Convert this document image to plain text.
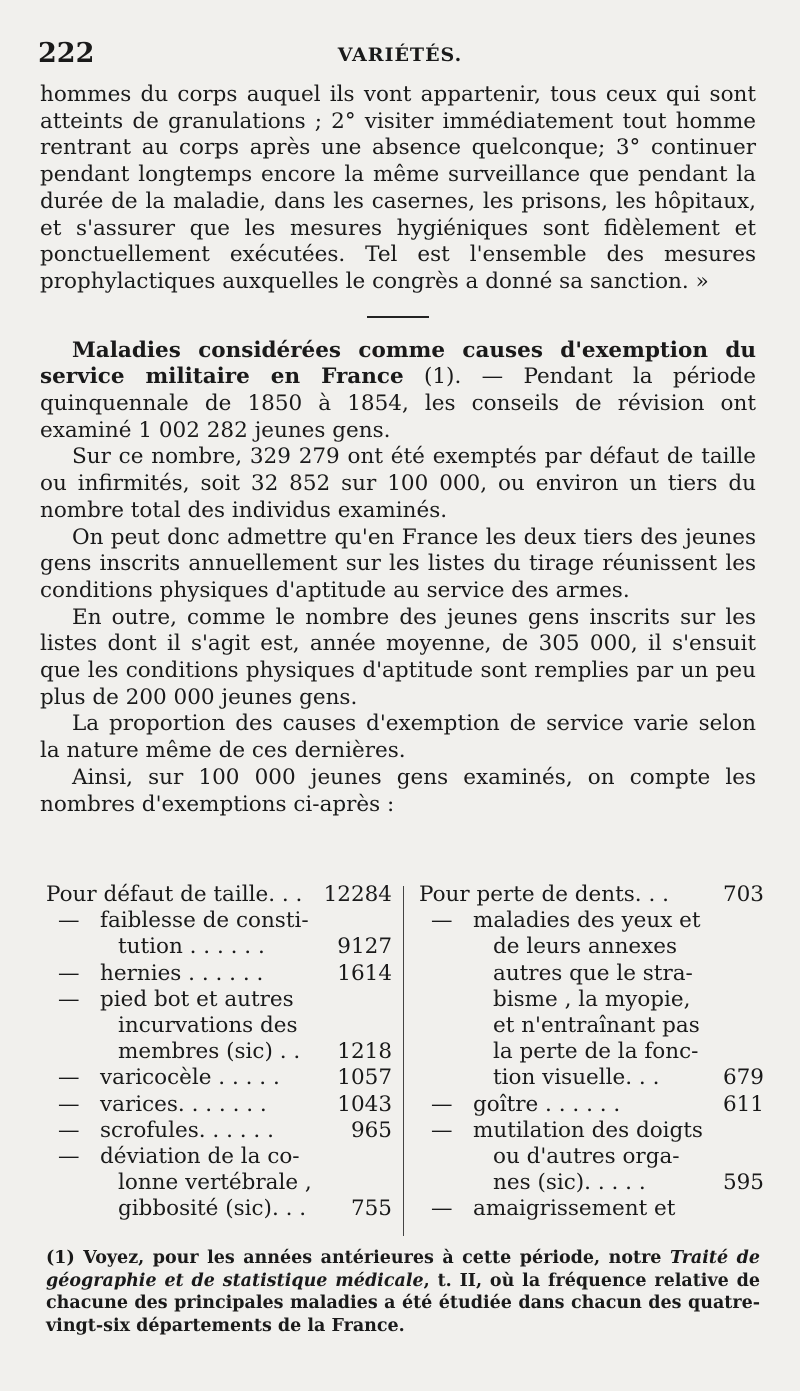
222	VARIÉTÉS.

hommes du corps auquel ils vont appartenir, tous ceux qui sont atteints de granulations ; 2° visiter immédiatement tout homme rentrant au corps après une absence quelconque; 3° continuer pendant longtemps encore la même surveillance que pendant la durée de la maladie, dans les casernes, les prisons, les hôpitaux, et s'assurer que les mesures hygiéniques sont fidèlement et ponctuellement exécutées. Tel est l'ensemble des mesures prophylactiques auxquelles le congrès a donné sa sanction. »

Maladies considérées comme causes d'exemption du service militaire en France (1). — Pendant la période quinquennale de 1850 à 1854, les conseils de révision ont examiné 1 002 282 jeunes gens.

Sur ce nombre, 329 279 ont été exemptés par défaut de taille ou infirmités, soit 32 852 sur 100 000, ou environ un tiers du nombre total des individus examinés.

On peut donc admettre qu'en France les deux tiers des jeunes gens inscrits annuellement sur les listes du tirage réunissent les conditions physiques d'aptitude au service des armes.

En outre, comme le nombre des jeunes gens inscrits sur les listes dont il s'agit est, année moyenne, de 305 000, il s'ensuit que les conditions physiques d'aptitude sont remplies par un peu plus de 200 000 jeunes gens.

La proportion des causes d'exemption de service varie selon la nature même de ces dernières.

Ainsi, sur 100 000 jeunes gens examinés, on compte les nombres d'exemptions ci-après :

Pour défaut de taille. . . 12284
— faiblesse de consti-
tution . . . . . .	9127
— hernies . . . . . .	1614
— pied bot et autres
incurvations des
membres (sic) . .	1218
— varicocèle . . . . .	1057
— varices. . . . . . .	1043
— scrofules. . . . . .	965
— déviation de la co-
lonne vertébrale ,
gibbosité (sic). . .	755
Pour perte de dents. . .	703
— maladies des yeux et
de leurs annexes
autres que le stra-
bisme , la myopie,
et n'entraînant pas
la perte de la fonc-
tion visuelle. . .	679
— goître . . . . . .	611
— mutilation des doigts
ou d'autres orga-
nes (sic). . . . .	595
— amaigrissement et
(1) Voyez, pour les années antérieures à cette période, notre Traité de géographie et de statistique médicale, t. II, où la fréquence relative de chacune des principales maladies a été étudiée dans chacun des quatre-vingt-six départements de la France.
